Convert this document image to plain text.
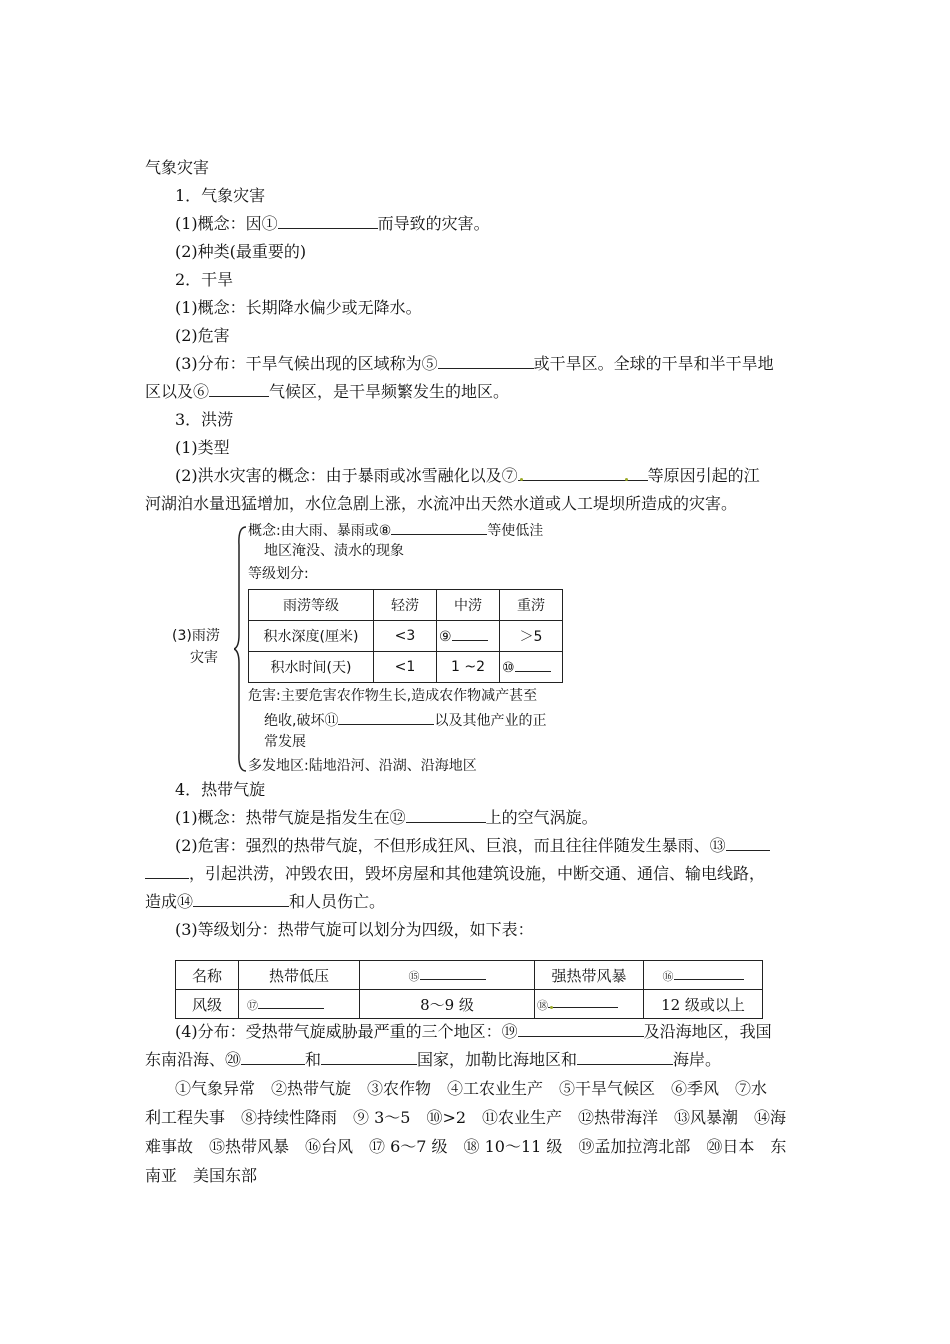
气象灾害
1．气象灾害
(1)概念：因①	而导致的灾害。
(2)种类(最重要的)
2．干旱
(1)概念：长期降水偏少或无降水。
(2)危害
(3)分布：干旱气候出现的区域称为⑤	或干旱区。全球的干旱和半干旱地
区以及⑥	气候区，是干旱频繁发生的地区。
3．洪涝
(1)类型
(2)洪水灾害的概念：由于暴雨或冰雪融化以及⑦	等原因引起的江
河湖泊水量迅猛增加，水位急剧上涨，水流冲出天然水道或人工堤坝所造成的灾害。
(3)雨涝
灾害
概念:由大雨、暴雨或⑧	等使低洼
地区淹没、渍水的现象
等级划分:
雨涝等级	轻涝	中涝	重涝
积水深度(厘米)	<3	⑨	＞5
积水时间(天)	<1	1 ~2	⑩
危害:主要危害农作物生长,造成农作物减产甚至
绝收,破坏⑪	以及其他产业的正
常发展
多发地区:陆地沿河、沿湖、沿海地区
4．热带气旋
(1)概念：热带气旋是指发生在⑫	上的空气涡旋。
(2)危害：强烈的热带气旋，不但形成狂风、巨浪，而且往往伴随发生暴雨、⑬
，引起洪涝，冲毁农田，毁坏房屋和其他建筑设施，中断交通、通信、输电线路，
造成⑭	和人员伤亡。
(3)等级划分：热带气旋可以划分为四级，如下表：
名称	热带低压	⑮	强热带风暴	⑯
风级	⑰	8～9 级	⑱	12 级或以上
(4)分布：受热带气旋威胁最严重的三个地区：⑲	及沿海地区，我国
东南沿海、⑳	和	国家，加勒比海地区和	海岸。
①气象异常　②热带气旋　③农作物　④工农业生产　⑤干旱气候区　⑥季风　⑦水
利工程失事　⑧持续性降雨　⑨ 3～5　⑩>2　⑪农业生产　⑫热带海洋　⑬风暴潮　⑭海
难事故　⑮热带风暴　⑯台风　⑰ 6～7 级　⑱ 10～11 级　⑲孟加拉湾北部　⑳日本　东
南亚　美国东部
